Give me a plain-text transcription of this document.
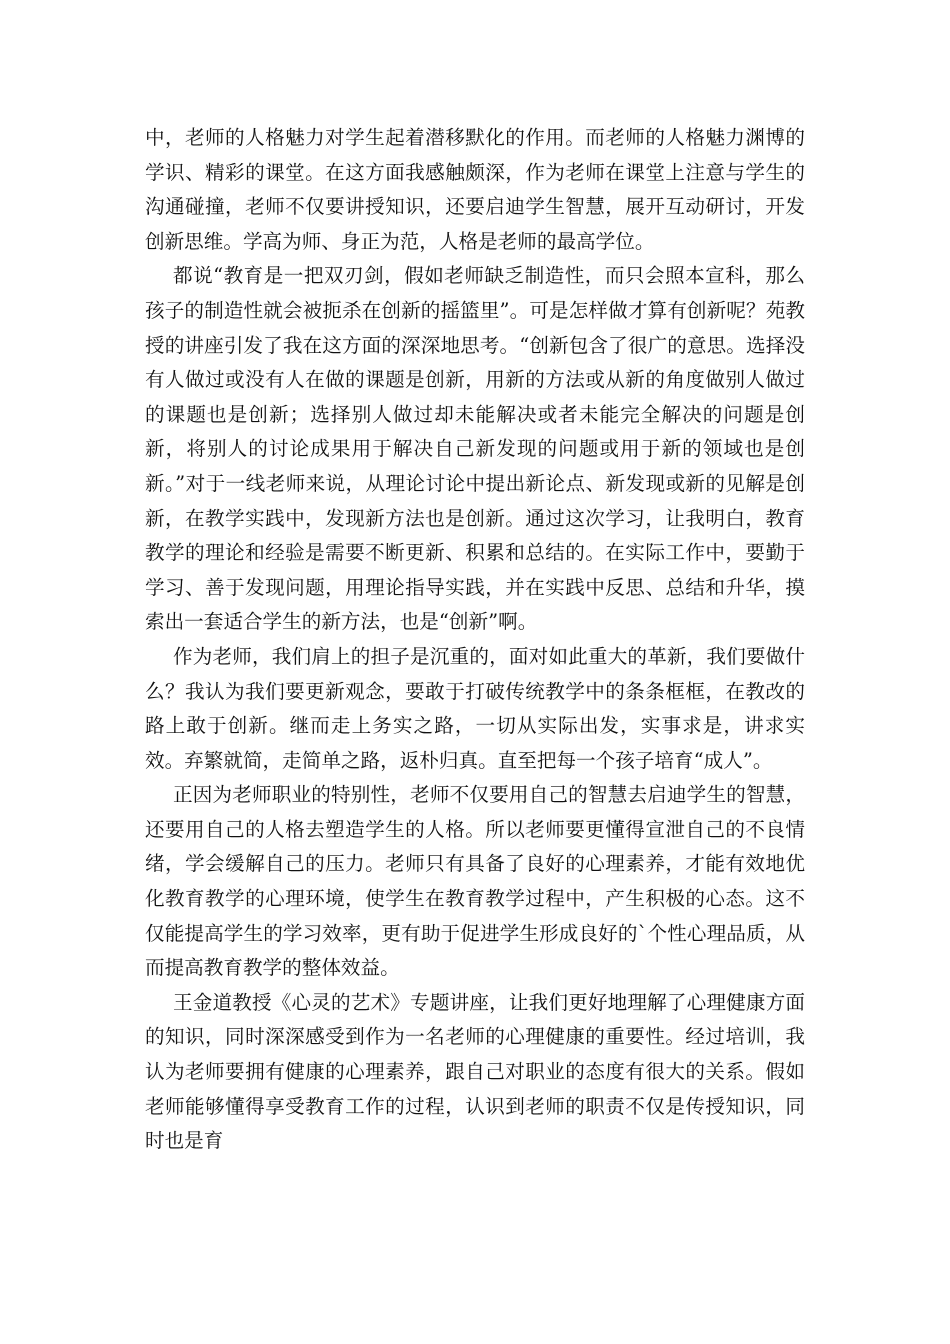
中，老师的人格魅力对学生起着潜移默化的作用。而老师的人格魅力渊博的学识、精彩的课堂。在这方面我感触颇深，作为老师在课堂上注意与学生的沟通碰撞，老师不仅要讲授知识，还要启迪学生智慧，展开互动研讨，开发创新思维。学高为师、身正为范，人格是老师的最高学位。

都说“教育是一把双刃剑，假如老师缺乏制造性，而只会照本宣科，那么孩子的制造性就会被扼杀在创新的摇篮里”。可是怎样做才算有创新呢？苑教授的讲座引发了我在这方面的深深地思考。“创新包含了很广的意思。选择没有人做过或没有人在做的课题是创新，用新的方法或从新的角度做别人做过的课题也是创新；选择别人做过却未能解决或者未能完全解决的问题是创新，将别人的讨论成果用于解决自己新发现的问题或用于新的领域也是创新。”对于一线老师来说，从理论讨论中提出新论点、新发现或新的见解是创新，在教学实践中，发现新方法也是创新。通过这次学习，让我明白，教育教学的理论和经验是需要不断更新、积累和总结的。在实际工作中，要勤于学习、善于发现问题，用理论指导实践，并在实践中反思、总结和升华，摸索出一套适合学生的新方法，也是“创新”啊。

作为老师，我们肩上的担子是沉重的，面对如此重大的革新，我们要做什么？我认为我们要更新观念，要敢于打破传统教学中的条条框框，在教改的路上敢于创新。继而走上务实之路，一切从实际出发，实事求是，讲求实效。弃繁就简，走简单之路，返朴归真。直至把每一个孩子培育“成人”。

正因为老师职业的特别性，老师不仅要用自己的智慧去启迪学生的智慧，还要用自己的人格去塑造学生的人格。所以老师要更懂得宣泄自己的不良情绪，学会缓解自己的压力。老师只有具备了良好的心理素养，才能有效地优化教育教学的心理环境，使学生在教育教学过程中，产生积极的心态。这不仅能提高学生的学习效率，更有助于促进学生形成良好的`个性心理品质，从而提高教育教学的整体效益。

王金道教授《心灵的艺术》专题讲座，让我们更好地理解了心理健康方面的知识，同时深深感受到作为一名老师的心理健康的重要性。经过培训，我认为老师要拥有健康的心理素养，跟自己对职业的态度有很大的关系。假如老师能够懂得享受教育工作的过程，认识到老师的职责不仅是传授知识，同时也是育
